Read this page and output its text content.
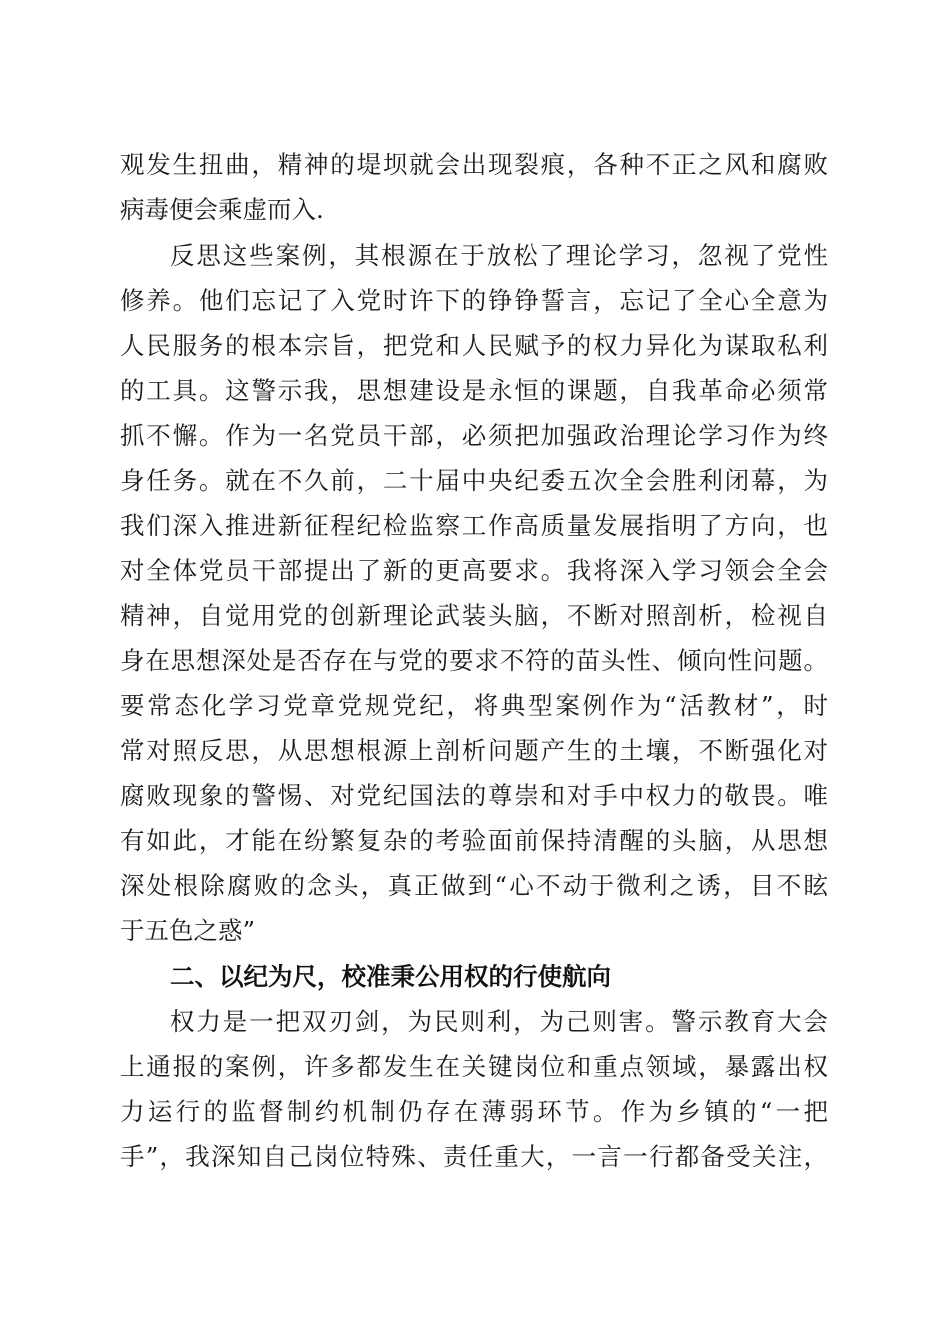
观发生扭曲，精神的堤坝就会出现裂痕，各种不正之风和腐败
病毒便会乘虚而入.
反思这些案例，其根源在于放松了理论学习，忽视了党性
修养。他们忘记了入党时许下的铮铮誓言，忘记了全心全意为
人民服务的根本宗旨，把党和人民赋予的权力异化为谋取私利
的工具。这警示我，思想建设是永恒的课题，自我革命必须常
抓不懈。作为一名党员干部，必须把加强政治理论学习作为终
身任务。就在不久前，二十届中央纪委五次全会胜利闭幕，为
我们深入推进新征程纪检监察工作高质量发展指明了方向，也
对全体党员干部提出了新的更高要求。我将深入学习领会全会
精神，自觉用党的创新理论武装头脑，不断对照剖析，检视自
身在思想深处是否存在与党的要求不符的苗头性、倾向性问题。
要常态化学习党章党规党纪，将典型案例作为“活教材”，时
常对照反思，从思想根源上剖析问题产生的土壤，不断强化对
腐败现象的警惕、对党纪国法的尊崇和对手中权力的敬畏。唯
有如此，才能在纷繁复杂的考验面前保持清醒的头脑，从思想
深处根除腐败的念头，真正做到“心不动于微利之诱，目不眩
于五色之惑”
二、以纪为尺，校准秉公用权的行使航向
权力是一把双刃剑，为民则利，为己则害。警示教育大会
上通报的案例，许多都发生在关键岗位和重点领域，暴露出权
力运行的监督制约机制仍存在薄弱环节。作为乡镇的“一把
手”，我深知自己岗位特殊、责任重大，一言一行都备受关注，
